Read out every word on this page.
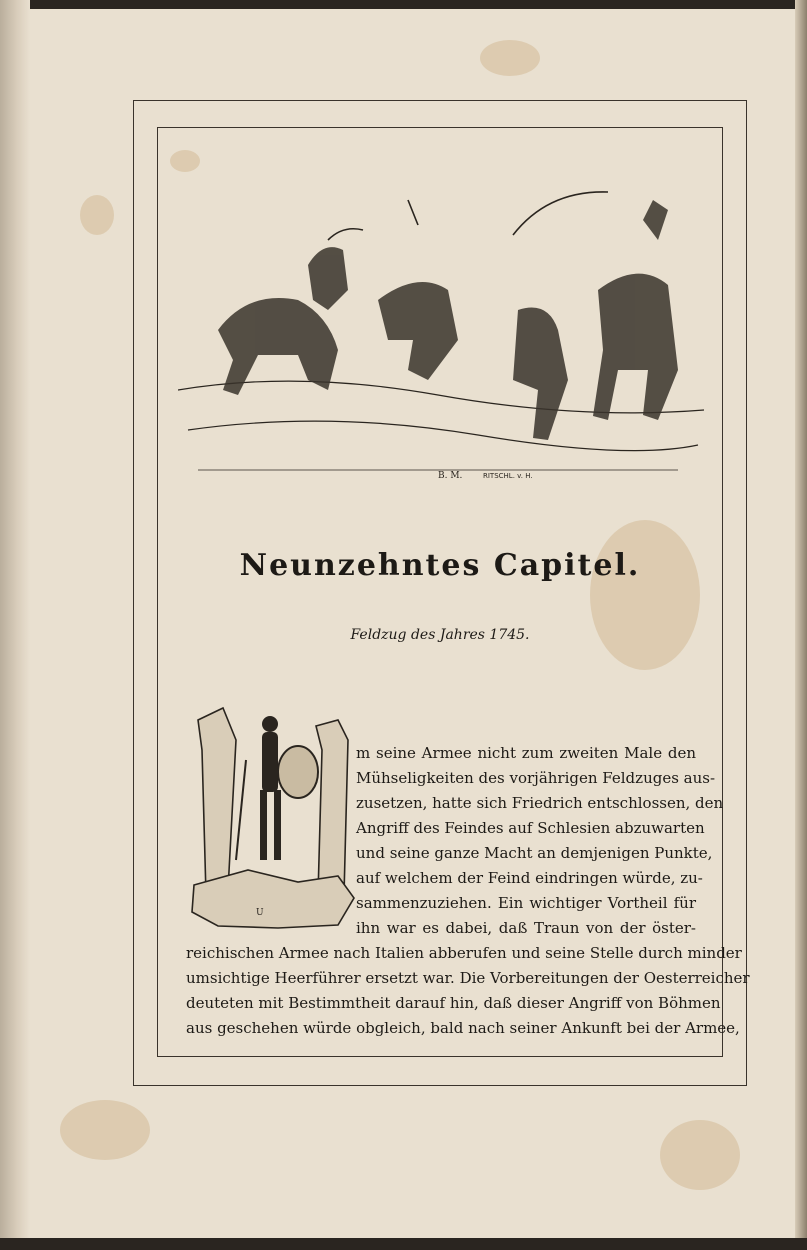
B. M.	RITSCHL. v. H.
Neunzehntes Capitel.
Feldzug des Jahres 1745.
U

m seine Armee nicht zum zweiten Male den

Mühseligkeiten des vorjährigen Feldzuges aus-

zusetzen, hatte sich Friedrich entschlossen, den

Angriff des Feindes auf Schlesien abzuwarten

und seine ganze Macht an demjenigen Punkte,

auf welchem der Feind eindringen würde, zu-

sammenzuziehen. Ein wichtiger Vortheil für

ihn war es dabei, daß Traun von der öster-

reichischen Armee nach Italien abberufen und seine Stelle durch minder

umsichtige Heerführer ersetzt war. Die Vorbereitungen der Oesterreicher

deuteten mit Bestimmtheit darauf hin, daß dieser Angriff von Böhmen

aus geschehen würde obgleich, bald nach seiner Ankunft bei der Armee,
